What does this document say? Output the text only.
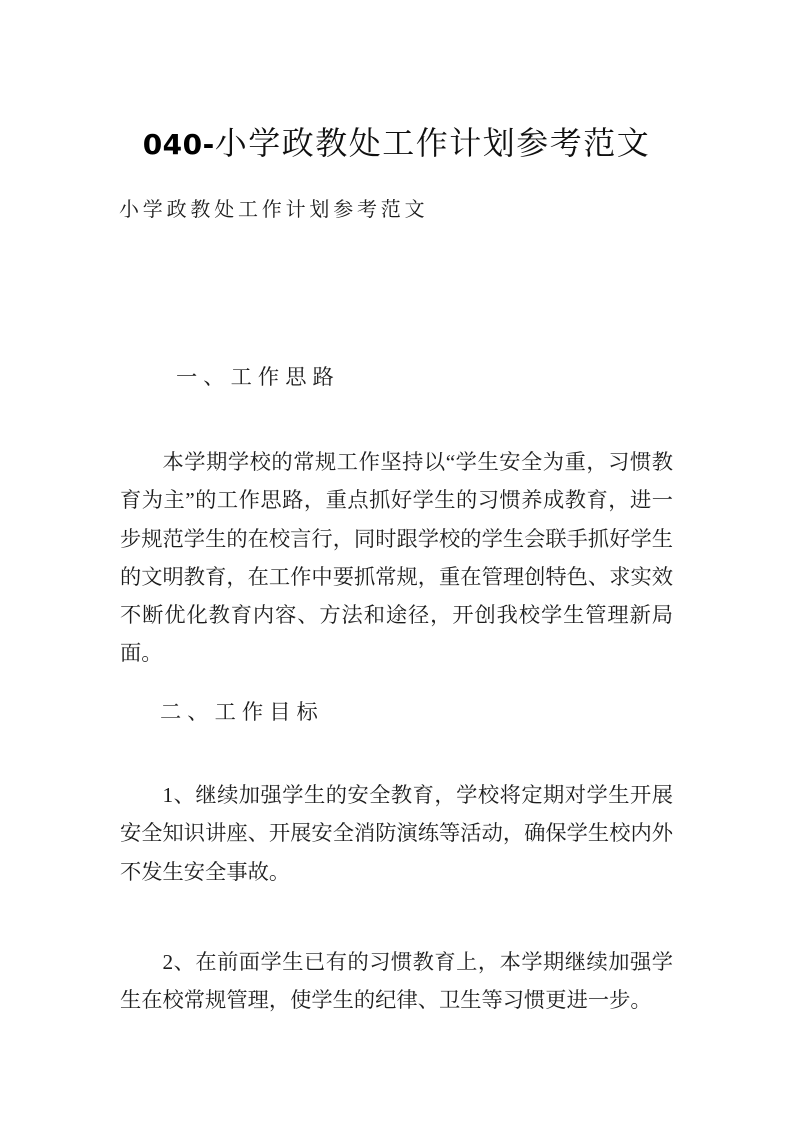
040-小学政教处工作计划参考范文

小学政教处工作计划参考范文

一、工作思路

本学期学校的常规工作坚持以“学生安全为重，习惯教育为主”的工作思路，重点抓好学生的习惯养成教育，进一步规范学生的在校言行，同时跟学校的学生会联手抓好学生的文明教育，在工作中要抓常规，重在管理创特色、求实效不断优化教育内容、方法和途径，开创我校学生管理新局面。

二、工作目标

1、继续加强学生的安全教育，学校将定期对学生开展安全知识讲座、开展安全消防演练等活动，确保学生校内外不发生安全事故。

2、在前面学生已有的习惯教育上，本学期继续加强学生在校常规管理，使学生的纪律、卫生等习惯更进一步。
